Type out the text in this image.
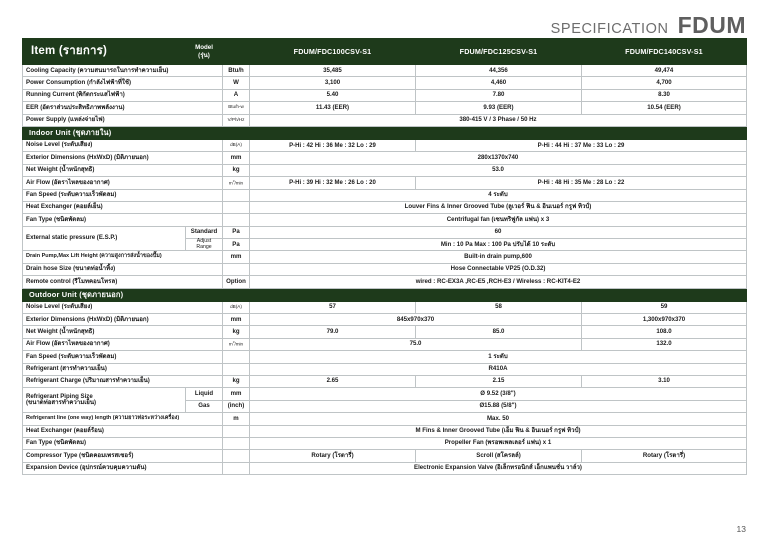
SPECIFICATION FDUM
Item (รายการ)	Model
(รุ่น)		FDUM/FDC100CSV-S1	FDUM/FDC125CSV-S1	FDUM/FDC140CSV-S1
Cooling Capacity (ความสนมารถในการทำความเย็น)		Btu/h	35,485	44,356	49,474
Power Consumption (กำลังไฟฟ้าที่ใช้)		W	3,100	4,460	4,700
Running Current (พิกัดกระแสไฟฟ้า)		A	5.40	7.80	8.30
EER (อัตราส่วนประสิทธิภาพพลังงาน)		Btu/h-w	11.43 (EER)	9.93 (EER)	10.54 (EER)
Power Supply (แหล่งจ่ายไฟ)		V/Ph/Hz	380-415 V / 3 Phase / 50 Hz		
Indoor Unit (ชุดภายใน)					
Noise Level (ระดับเสียง)		dB(A)	P-Hi : 42 Hi : 36 Me : 32 Lo : 29	P-Hi : 44 Hi : 37 Me : 33 Lo : 29	
Exterior Dimensions (HxWxD) (มิติภายนอก)		mm	280x1370x740		
Net Weight (น้ำหนักสุทธิ)		kg	53.0		
Air Flow (อัตราไหลของอากาศ)		$m^3/\min$	P-Hi : 39 Hi : 32 Me : 26 Lo : 20	P-Hi : 48 Hi : 35 Me : 28 Lo : 22	
Fan Speed (ระดับความเร็วพัดลม)			4 ระดับ		
Heat Exchanger (คอยล์เย็น)			Louver Fins & Inner Grooved Tube (ลูเวอร์ ฟิน & อินเนอร์ กรูฟ ทิวป์)		
Fan Type (ชนิดพัดลม)			Centrifugal fan (เซนทริฟูกัล แฟน) x 3		
External static pressure (E.S.P.)	Standard	Pa	60		
	Adjust Range	Pa	Min : 10 Pa Max : 100 Pa ปรับได้ 10 ระดับ		
Drain Pump,Max Lift Height (ความสูงการส่งน้ำของปั๊ม)		mm	Built-in drain pump,600		
Drain hose Size (ขนาดท่อน้ำทิ้ง)			Hose Connectable VP25 (O.D.32)		
Remote control (รีโมทคอนโทรล)		Option	wired : RC-EX3A ,RC-E5 ,RCH-E3 / Wireless : RC-KIT4-E2		
Outdoor Unit (ชุดภายนอก)					
Noise Level (ระดับเสียง)		dB(A)	57	58	59
Exterior Dimensions (HxWxD) (มิติภายนอก)		mm	845x970x370		1,300x970x370
Net Weight (น้ำหนักสุทธิ)		kg	79.0	85.0	108.0
Air Flow (อัตราไหลของอากาศ)		$m^3/\min$	75.0		132.0
Fan Speed (ระดับความเร็วพัดลม)			1 ระดับ		
Refrigerant (สารทำความเย็น)			R410A		
Refrigerant Charge (ปริมาณสารทำความเย็น)		kg	2.65	2.15	3.10
Refrigerant Piping Size
(ขนาดท่อสารทำความเย็น)	Liquid	mm	Ø 9.52 (3/8")		
	Gas	(inch)	Ø15.88 (5/8")		
Refrigerant line (one way) length (ความยาวท่อระหว่างเครื่อง)		m	Max. 50		
Heat Exchanger (คอยล์ร้อน)			M Fins & Inner Grooved Tube (เอ็ม ฟิน & อินเนอร์ กรูฟ ทิวป์)		
Fan Type (ชนิดพัดลม)			Propeller Fan (พรอพเพลเลอร์ แฟน) x 1		
Compressor Type (ชนิดคอมเพรสเซอร์)			Rotary (โรตารี่)	Scroll (สโครลล์)	Rotary (โรตารี่)
Expansion Device (อุปกรณ์ควบคุมความดัน)			Electronic Expansion Valve (อิเล็กทรอนิกส์ เอ็กแพนชั่น วาล์ว)		
13
